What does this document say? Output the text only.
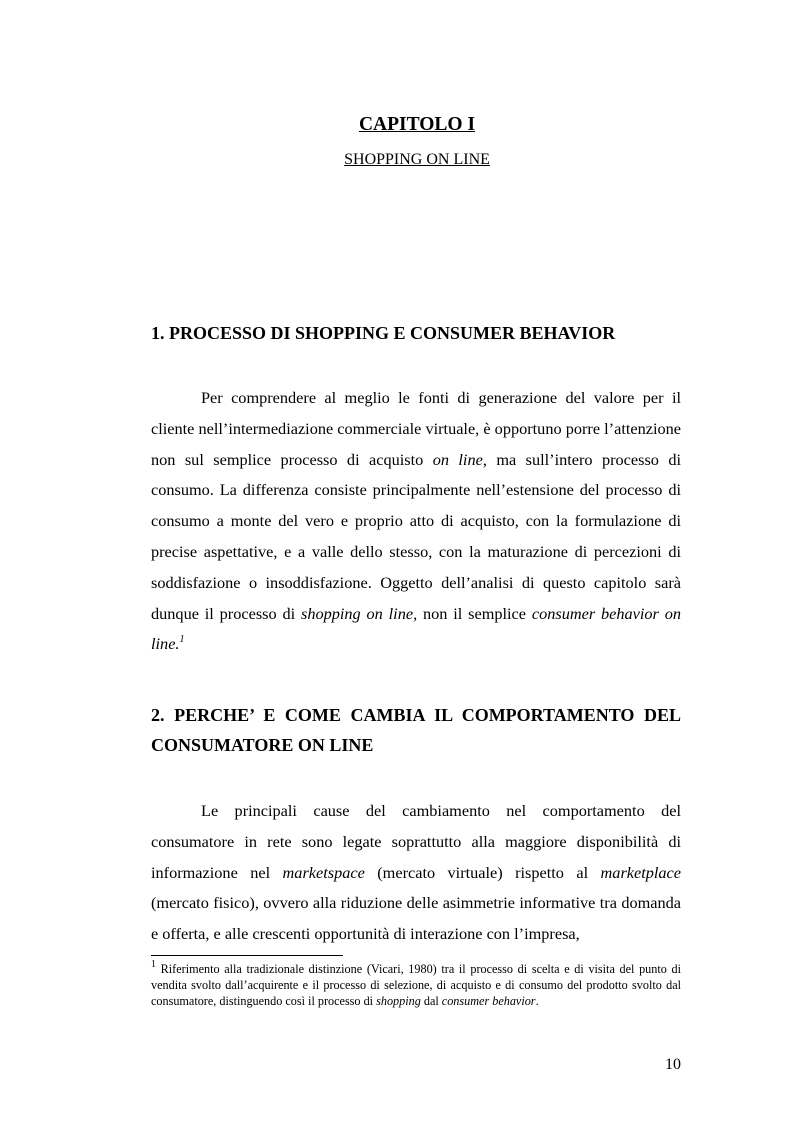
CAPITOLO I
SHOPPING ON LINE
1. PROCESSO DI SHOPPING E CONSUMER BEHAVIOR

Per comprendere al meglio le fonti di generazione del valore per il cliente nell’intermediazione commerciale virtuale, è opportuno porre l’attenzione non sul semplice processo di acquisto on line, ma sull’intero processo di consumo. La differenza consiste principalmente nell’estensione del processo di consumo a monte del vero e proprio atto di acquisto, con la formulazione di precise aspettative, e a valle dello stesso, con la maturazione di percezioni di soddisfazione o insoddisfazione. Oggetto dell’analisi di questo capitolo sarà dunque il processo di shopping on line, non il semplice consumer behavior on line.$^1$

2. PERCHE’ E COME CAMBIA IL COMPORTAMENTO DEL CONSUMATORE ON LINE

Le principali cause del cambiamento nel comportamento del consumatore in rete sono legate soprattutto alla maggiore disponibilità di informazione nel marketspace (mercato virtuale) rispetto al marketplace (mercato fisico), ovvero alla riduzione delle asimmetrie informative tra domanda e offerta, e alle crescenti opportunità di interazione con l’impresa,

$^1$ Riferimento alla tradizionale distinzione (Vicari, 1980) tra il processo di scelta e di visita del punto di vendita svolto dall’acquirente e il processo di selezione, di acquisto e di consumo del prodotto svolto dal consumatore, distinguendo così il processo di shopping dal consumer behavior.

10
